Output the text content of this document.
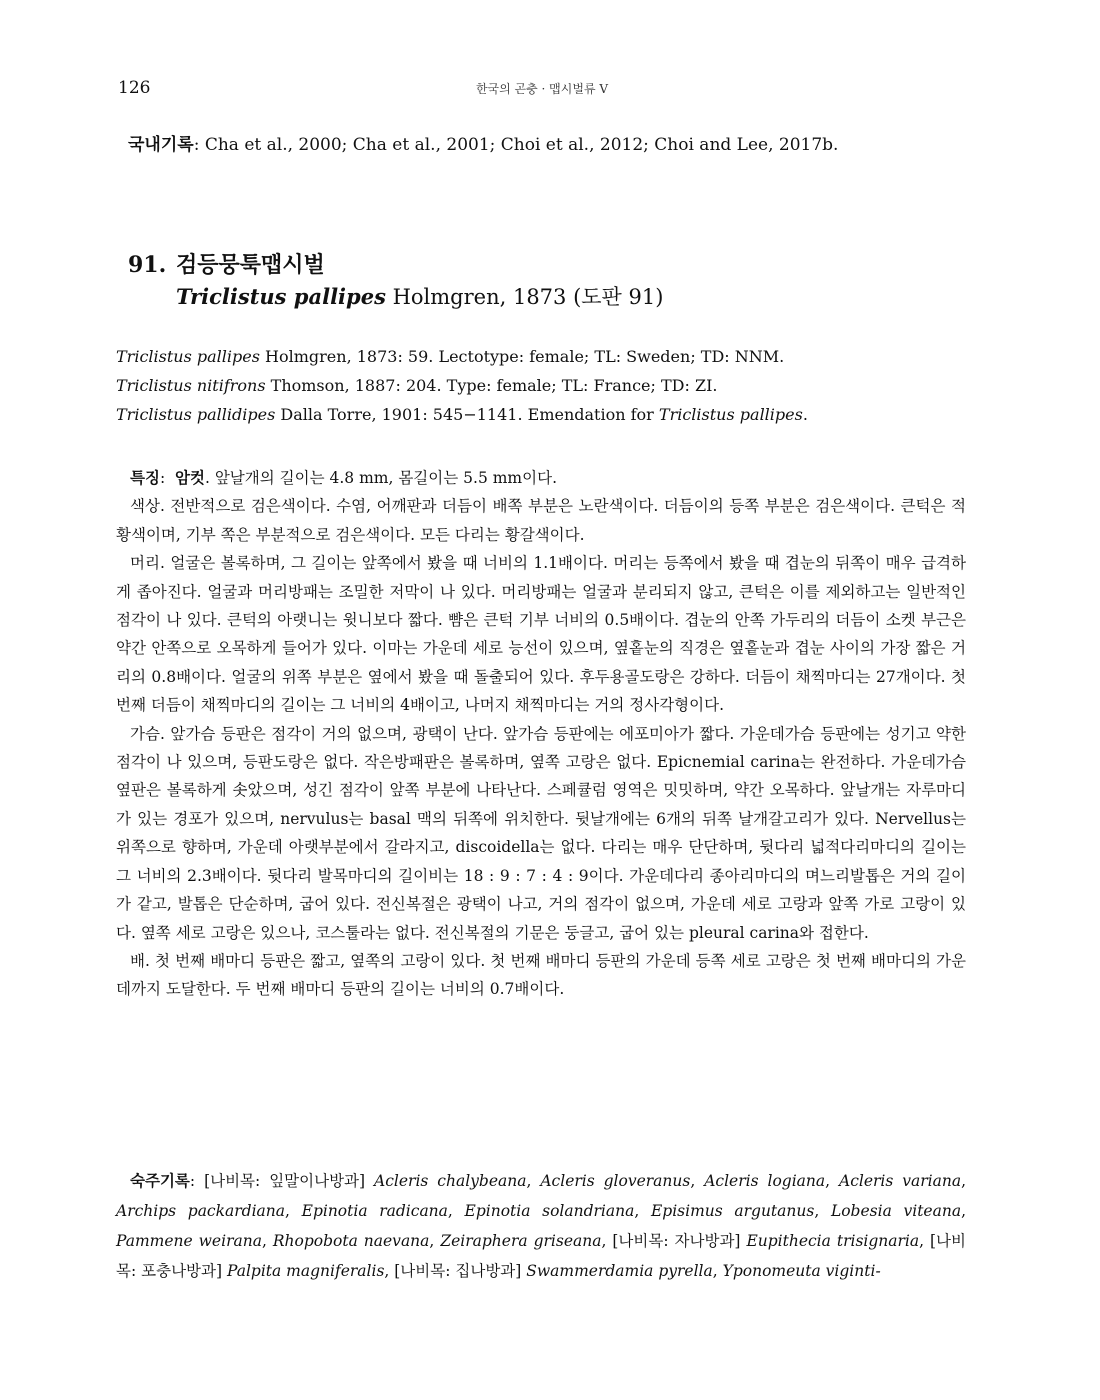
126	한국의 곤충 · 맵시벌류 V
국내기록: Cha et al., 2000; Cha et al., 2001; Choi et al., 2012; Choi and Lee, 2017b.
91. 검등뭉툭맵시벌
Triclistus pallipes Holmgren, 1873 (도판 91)
Triclistus pallipes Holmgren, 1873: 59. Lectotype: female; TL: Sweden; TD: NNM.
Triclistus nitifrons Thomson, 1887: 204. Type: female; TL: France; TD: ZI.
Triclistus pallidipes Dalla Torre, 1901: 545−1141. Emendation for Triclistus pallipes.

특징:  암컷. 앞날개의 길이는 4.8 mm, 몸길이는 5.5 mm이다.

색상. 전반적으로 검은색이다. 수염, 어깨판과 더듬이 배쪽 부분은 노란색이다. 더듬이의 등쪽 부분은 검은색이다. 큰턱은 적황색이며, 기부 쪽은 부분적으로 검은색이다. 모든 다리는 황갈색이다.

머리. 얼굴은 볼록하며, 그 길이는 앞쪽에서 봤을 때 너비의 1.1배이다. 머리는 등쪽에서 봤을 때 겹눈의 뒤쪽이 매우 급격하게 좁아진다. 얼굴과 머리방패는 조밀한 저막이 나 있다. 머리방패는 얼굴과 분리되지 않고, 큰턱은 이를 제외하고는 일반적인 점각이 나 있다. 큰턱의 아랫니는 윗니보다 짧다. 뺨은 큰턱 기부 너비의 0.5배이다. 겹눈의 안쪽 가두리의 더듬이 소켓 부근은 약간 안쪽으로 오목하게 들어가 있다. 이마는 가운데 세로 능선이 있으며, 옆홑눈의 직경은 옆홑눈과 겹눈 사이의 가장 짧은 거리의 0.8배이다. 얼굴의 위쪽 부분은 옆에서 봤을 때 돌출되어 있다. 후두용골도랑은 강하다. 더듬이 채찍마디는 27개이다. 첫 번째 더듬이 채찍마디의 길이는 그 너비의 4배이고, 나머지 채찍마디는 거의 정사각형이다.

가슴. 앞가슴 등판은 점각이 거의 없으며, 광택이 난다. 앞가슴 등판에는 에포미아가 짧다. 가운데가슴 등판에는 성기고 약한 점각이 나 있으며, 등판도랑은 없다. 작은방패판은 볼록하며, 옆쪽 고랑은 없다. Epicnemial carina는 완전하다. 가운데가슴 옆판은 볼록하게 솟았으며, 성긴 점각이 앞쪽 부분에 나타난다. 스페큘럼 영역은 밋밋하며, 약간 오목하다. 앞날개는 자루마디가 있는 경포가 있으며, nervulus는 basal 맥의 뒤쪽에 위치한다. 뒷날개에는 6개의 뒤쪽 날개갈고리가 있다. Nervellus는 위쪽으로 향하며, 가운데 아랫부분에서 갈라지고, discoidella는 없다. 다리는 매우 단단하며, 뒷다리 넓적다리마디의 길이는 그 너비의 2.3배이다. 뒷다리 발목마디의 길이비는 18 : 9 : 7 : 4 : 9이다. 가운데다리 종아리마디의 며느리발톱은 거의 길이가 같고, 발톱은 단순하며, 굽어 있다. 전신복절은 광택이 나고, 거의 점각이 없으며, 가운데 세로 고랑과 앞쪽 가로 고랑이 있다. 옆쪽 세로 고랑은 있으나, 코스툴라는 없다. 전신복절의 기문은 둥글고, 굽어 있는 pleural carina와 접한다.

배. 첫 번째 배마디 등판은 짧고, 옆쪽의 고랑이 있다. 첫 번째 배마디 등판의 가운데 등쪽 세로 고랑은 첫 번째 배마디의 가운데까지 도달한다. 두 번째 배마디 등판의 길이는 너비의 0.7배이다.

숙주기록: [나비목: 잎말이나방과] Acleris chalybeana, Acleris gloveranus, Acleris logiana, Acleris variana, Archips packardiana, Epinotia radicana, Epinotia solandriana, Episimus argutanus, Lobesia viteana, Pammene weirana, Rhopobota naevana, Zeiraphera griseana, [나비목: 자나방과] Eupithecia trisignaria, [나비목: 포충나방과] Palpita magniferalis, [나비목: 집나방과] Swammerdamia pyrella, Yponomeuta viginti-
